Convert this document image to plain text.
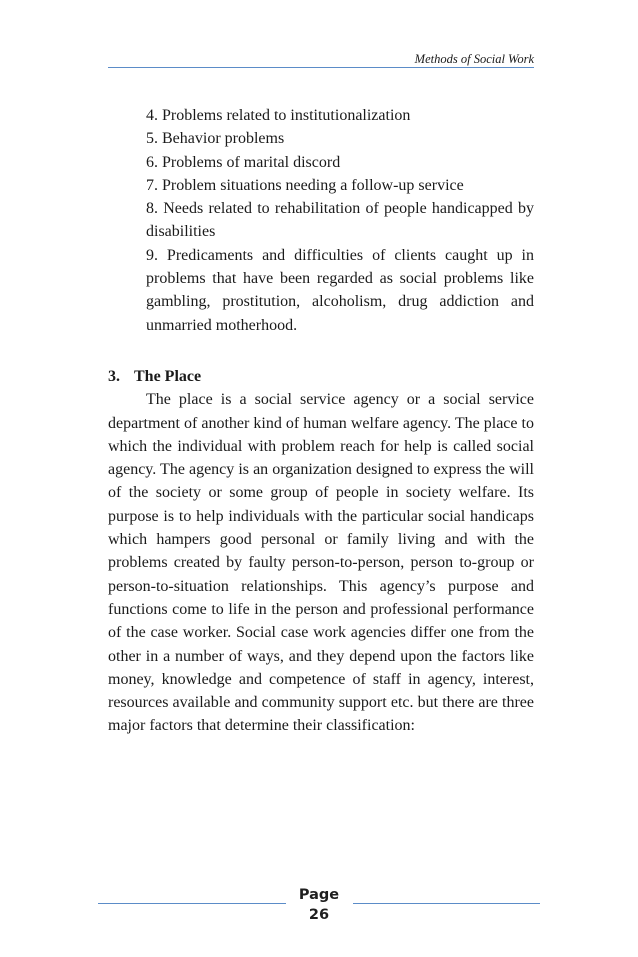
Methods of Social Work
4. Problems related to institutionalization
5. Behavior problems
6. Problems of marital discord
7. Problem situations needing a follow-up service
8. Needs related to rehabilitation of people handicapped by disabilities
9. Predicaments and difficulties of clients caught up in problems that have been regarded as social problems like gambling, prostitution, alcoholism, drug addiction and unmarried motherhood.
3. The Place

The place is a social service agency or a social service department of another kind of human welfare agency. The place to which the individual with problem reach for help is called social agency. The agency is an organization designed to express the will of the society or some group of people in society welfare. Its purpose is to help individuals with the particular social handicaps which hampers good personal or family living and with the problems created by faulty person-to-person, person to-group or person-to-situation relationships. This agency’s purpose and functions come to life in the person and professional performance of the case worker. Social case work agencies differ one from the other in a number of ways, and they depend upon the factors like money, knowledge and competence of staff in agency, interest, resources available and community support etc. but there are three major factors that determine their classification:

Page
26
